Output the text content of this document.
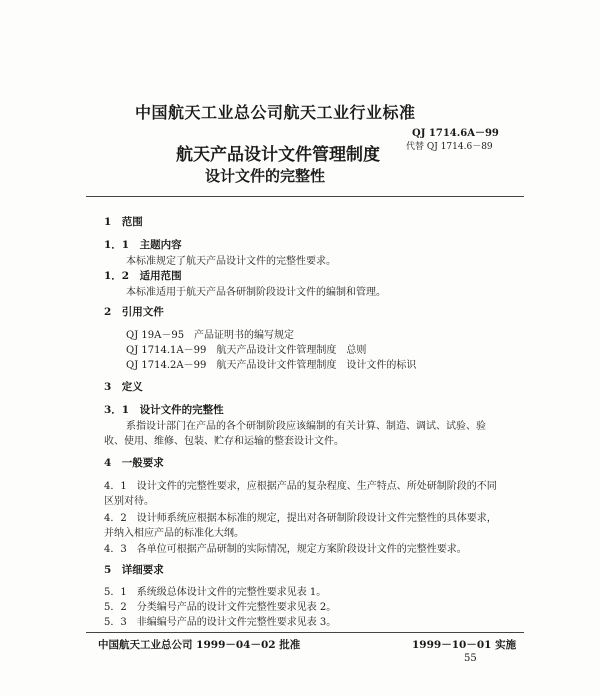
中国航天工业总公司航天工业行业标准
QJ 1714.6A－99
代替 QJ 1714.6－89
航天产品设计文件管理制度
设计文件的完整性
1　范围
1．1　主题内容
本标准规定了航天产品设计文件的完整性要求。
1．2　适用范围
本标准适用于航天产品各研制阶段设计文件的编制和管理。
2　引用文件
QJ 19A－95　产品证明书的编写规定
QJ 1714.1A－99　航天产品设计文件管理制度　总则
QJ 1714.2A－99　航天产品设计文件管理制度　设计文件的标识
3　定义
3．1　设计文件的完整性
系指设计部门在产品的各个研制阶段应该编制的有关计算、制造、调试、试验、验
收、使用、维修、包装、贮存和运输的整套设计文件。
4　一般要求
4．1　设计文件的完整性要求，应根据产品的复杂程度、生产特点、所处研制阶段的不同
区别对待。
4．2　设计师系统应根据本标准的规定，提出对各研制阶段设计文件完整性的具体要求，
并纳入相应产品的标准化大纲。
4．3　各单位可根据产品研制的实际情况，规定方案阶段设计文件的完整性要求。
5　详细要求
5．1　系统级总体设计文件的完整性要求见表 1。
5．2　分类编号产品的设计文件完整性要求见表 2。
5．3　非编编号产品的设计文件完整性要求见表 3。
中国航天工业总公司 1999－04－02 批准	1999－10－01 实施
55
